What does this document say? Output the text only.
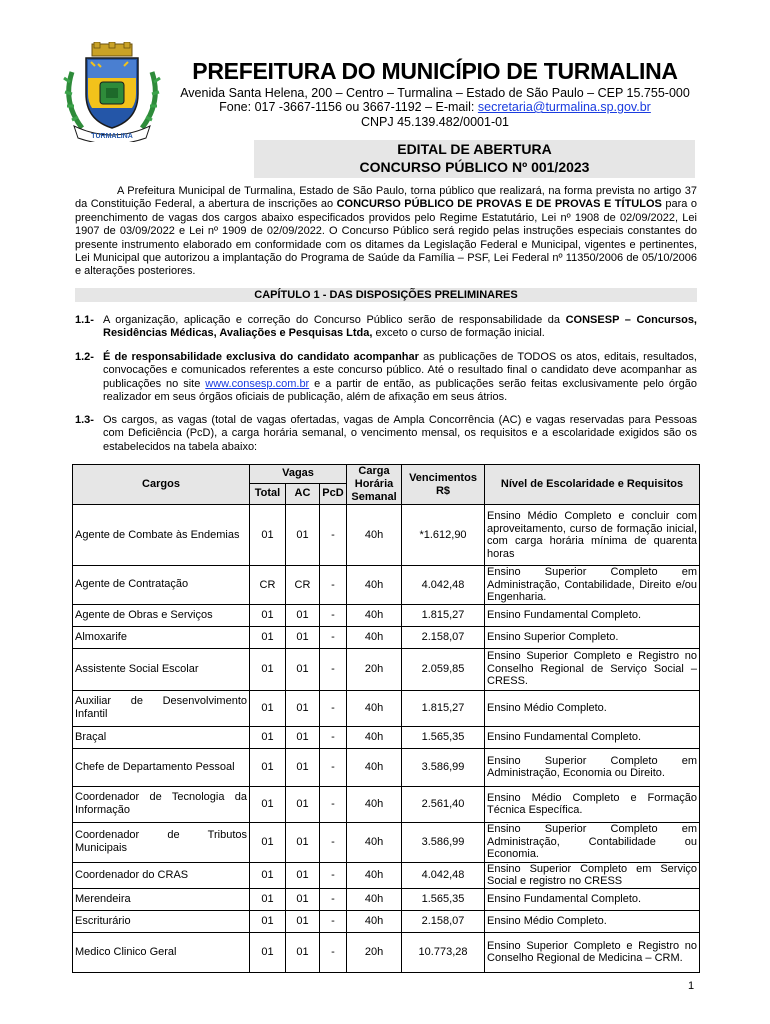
TURMALINA
PREFEITURA DO MUNICÍPIO DE TURMALINA
Avenida Santa Helena, 200 – Centro – Turmalina – Estado de São Paulo – CEP 15.755-000
Fone: 017 -3667-1156 ou 3667-1192 – E-mail: secretaria@turmalina.sp.gov.br
CNPJ 45.139.482/0001-01
EDITAL DE ABERTURA
CONCURSO PÚBLICO Nº 001/2023
A Prefeitura Municipal de Turmalina, Estado de São Paulo, torna público que realizará, na forma prevista no artigo 37 da Constituição Federal, a abertura de inscrições ao CONCURSO PÚBLICO DE PROVAS E DE PROVAS E TÍTULOS para o preenchimento de vagas dos cargos abaixo especificados providos pelo Regime Estatutário, Lei nº 1908 de 02/09/2022, Lei 1907 de 03/09/2022 e Lei nº 1909 de 02/09/2022. O Concurso Público será regido pelas instruções especiais constantes do presente instrumento elaborado em conformidade com os ditames da Legislação Federal e Municipal, vigentes e pertinentes, Lei Municipal que autorizou a implantação do Programa de Saúde da Família – PSF, Lei Federal nº 11350/2006 de 05/10/2006 e alterações posteriores.
CAPÍTULO 1 - DAS DISPOSIÇÕES PRELIMINARES
1.1- A organização, aplicação e correção do Concurso Público serão de responsabilidade da CONSESP – Concursos, Residências Médicas, Avaliações e Pesquisas Ltda, exceto o curso de formação inicial.
1.2- É de responsabilidade exclusiva do candidato acompanhar as publicações de TODOS os atos, editais, resultados, convocações e comunicados referentes a este concurso público. Até o resultado final o candidato deve acompanhar as publicações no site www.consesp.com.br e a partir de então, as publicações serão feitas exclusivamente pelo órgão realizador em seus órgãos oficiais de publicação, além de afixação em seus átrios.
1.3- Os cargos, as vagas (total de vagas ofertadas, vagas de Ampla Concorrência (AC) e vagas reservadas para Pessoas com Deficiência (PcD), a carga horária semanal, o vencimento mensal, os requisitos e a escolaridade exigidos são os estabelecidos na tabela abaixo:
Cargos	Vagas			Carga Horária Semanal	Vencimentos R$	Nível de Escolaridade e Requisitos
	Total	AC	PcD			
Agente de Combate às Endemias	01	01	-	40h	*1.612,90	Ensino Médio Completo e concluir com aproveitamento, curso de formação inicial, com carga horária mínima de quarenta horas
Agente de Contratação	CR	CR	-	40h	4.042,48	Ensino Superior Completo em Administração, Contabilidade, Direito e/ou Engenharia.
Agente de Obras e Serviços	01	01	-	40h	1.815,27	Ensino Fundamental Completo.
Almoxarife	01	01	-	40h	2.158,07	Ensino Superior Completo.
Assistente Social Escolar	01	01	-	20h	2.059,85	Ensino Superior Completo e Registro no Conselho Regional de Serviço Social – CRESS.
Auxiliar de Desenvolvimento Infantil	01	01	-	40h	1.815,27	Ensino Médio Completo.
Braçal	01	01	-	40h	1.565,35	Ensino Fundamental Completo.
Chefe de Departamento Pessoal	01	01	-	40h	3.586,99	Ensino Superior Completo em Administração, Economia ou Direito.
Coordenador de Tecnologia da Informação	01	01	-	40h	2.561,40	Ensino Médio Completo e Formação Técnica Específica.
Coordenador de Tributos Municipais	01	01	-	40h	3.586,99	Ensino Superior Completo em Administração, Contabilidade ou Economia.
Coordenador do CRAS	01	01	-	40h	4.042,48	Ensino Superior Completo em Serviço Social e registro no CRESS
Merendeira	01	01	-	40h	1.565,35	Ensino Fundamental Completo.
Escriturário	01	01	-	40h	2.158,07	Ensino Médio Completo.
Medico Clinico Geral	01	01	-	20h	10.773,28	Ensino Superior Completo e Registro no Conselho Regional de Medicina – CRM.
1
